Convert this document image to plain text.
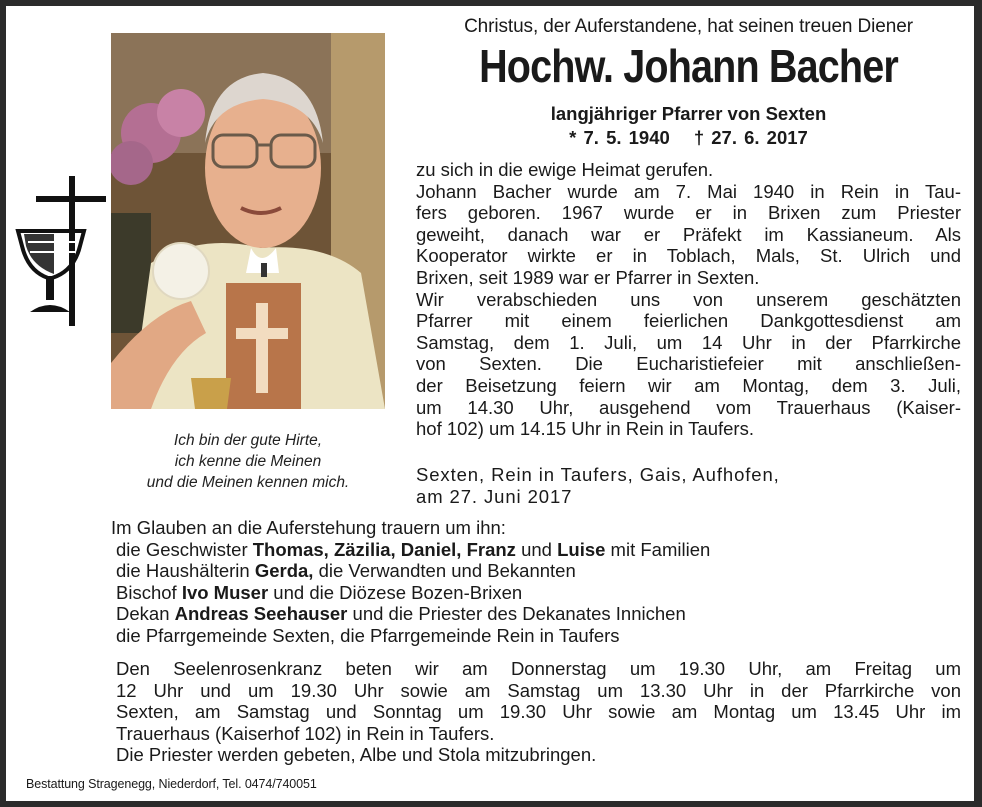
Ich bin der gute Hirte,
ich kenne die Meinen
und die Meinen kennen mich.
Christus, der Auferstandene, hat seinen treuen Diener
Hochw. Johann Bacher
langjähriger Pfarrer von Sexten
* 7. 5. 1940 † 27. 6. 2017
zu sich in die ewige Heimat gerufen.
Johann Bacher wurde am 7. Mai 1940 in Rein in Tau-
fers geboren. 1967 wurde er in Brixen zum Priester
geweiht, danach war er Präfekt im Kassianeum. Als
Kooperator wirkte er in Toblach, Mals, St. Ulrich und
Brixen, seit 1989 war er Pfarrer in Sexten.
Wir verabschieden uns von unserem geschätzten
Pfarrer mit einem feierlichen Dankgottesdienst am
Samstag, dem 1. Juli, um 14 Uhr in der Pfarrkirche
von Sexten. Die Eucharistiefeier mit anschließen-
der Beisetzung feiern wir am Montag, dem 3. Juli,
um 14.30 Uhr, ausgehend vom Trauerhaus (Kaiser-
hof 102) um 14.15 Uhr in Rein in Taufers.
Sexten, Rein in Taufers, Gais, Aufhofen,
am 27. Juni 2017
Im Glauben an die Auferstehung trauern um ihn:
die Geschwister Thomas, Zäzilia, Daniel, Franz und Luise mit Familien
die Haushälterin Gerda, die Verwandten und Bekannten
Bischof Ivo Muser und die Diözese Bozen-Brixen
Dekan Andreas Seehauser und die Priester des Dekanates Innichen
die Pfarrgemeinde Sexten, die Pfarrgemeinde Rein in Taufers
Den Seelenrosenkranz beten wir am Donnerstag um 19.30 Uhr, am Freitag um
12 Uhr und um 19.30 Uhr sowie am Samstag um 13.30 Uhr in der Pfarrkirche von
Sexten, am Samstag und Sonntag um 19.30 Uhr sowie am Montag um 13.45 Uhr im
Trauerhaus (Kaiserhof 102) in Rein in Taufers.
Die Priester werden gebeten, Albe und Stola mitzubringen.
Bestattung Stragenegg, Niederdorf, Tel. 0474/740051
